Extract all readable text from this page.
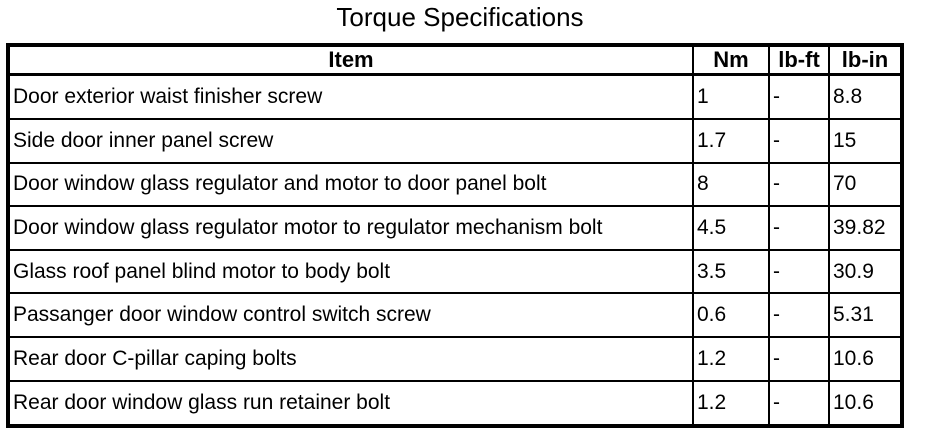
Torque Specifications
Item	Nm	lb-ft	lb-in
Door exterior waist finisher screw	1	-	8.8
Side door inner panel screw	1.7	-	15
Door window glass regulator and motor to door panel bolt	8	-	70
Door window glass regulator motor to regulator mechanism bolt	4.5	-	39.82
Glass roof panel blind motor to body bolt	3.5	-	30.9
Passanger door window control switch screw	0.6	-	5.31
Rear door C-pillar caping bolts	1.2	-	10.6
Rear door window glass run retainer bolt	1.2	-	10.6
